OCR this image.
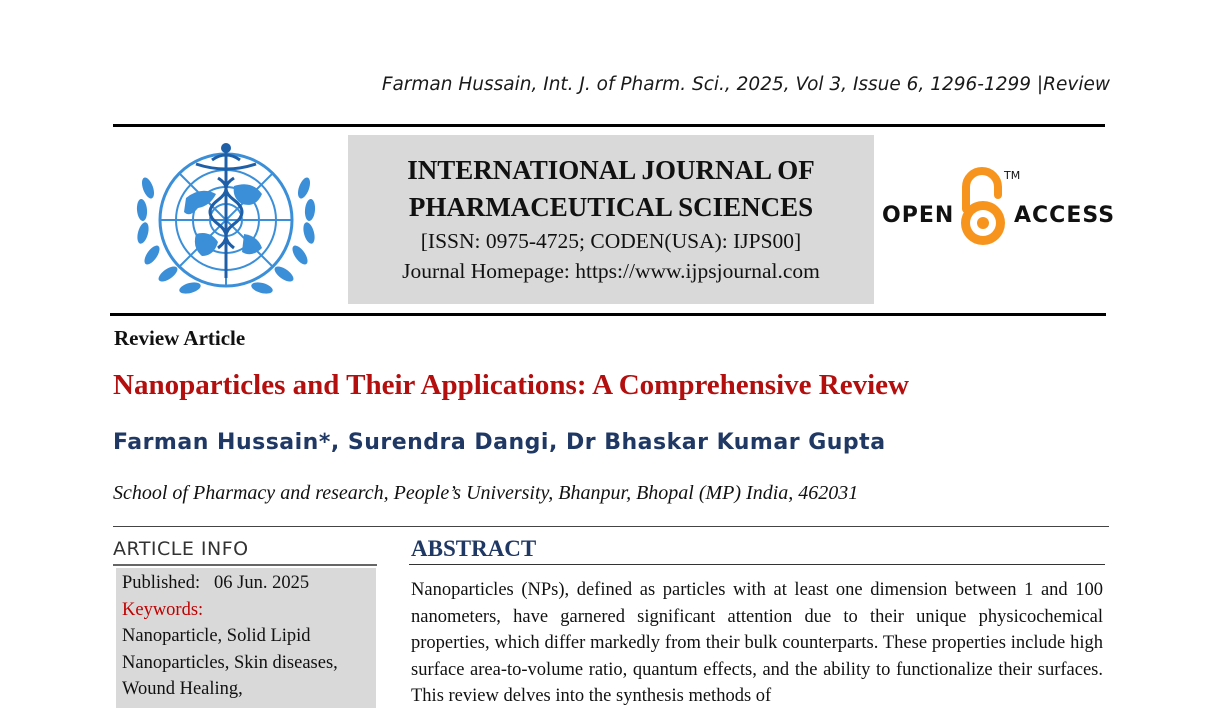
Farman Hussain, Int. J. of Pharm. Sci., 2025, Vol 3, Issue 6, 1296-1299 |Review
INTERNATIONAL JOURNAL OF
PHARMACEUTICAL SCIENCES
[ISSN: 0975-4725; CODEN(USA): IJPS00]
Journal Homepage: https://www.ijpsjournal.com
OPEN
TM
ACCESS
Review Article
Nanoparticles and Their Applications: A Comprehensive Review
Farman Hussain*, Surendra Dangi, Dr Bhaskar Kumar Gupta
School of Pharmacy and research, People’s University, Bhanpur, Bhopal (MP) India, 462031
ARTICLE INFO
Published: 06 Jun. 2025
Keywords:
Nanoparticle, Solid Lipid Nanoparticles, Skin diseases, Wound Healing,
ABSTRACT
Nanoparticles (NPs), defined as particles with at least one dimension between 1 and 100 nanometers, have garnered significant attention due to their unique physicochemical properties, which differ markedly from their bulk counterparts. These properties include high surface area-to-volume ratio, quantum effects, and the ability to functionalize their surfaces. This review delves into the synthesis methods of
